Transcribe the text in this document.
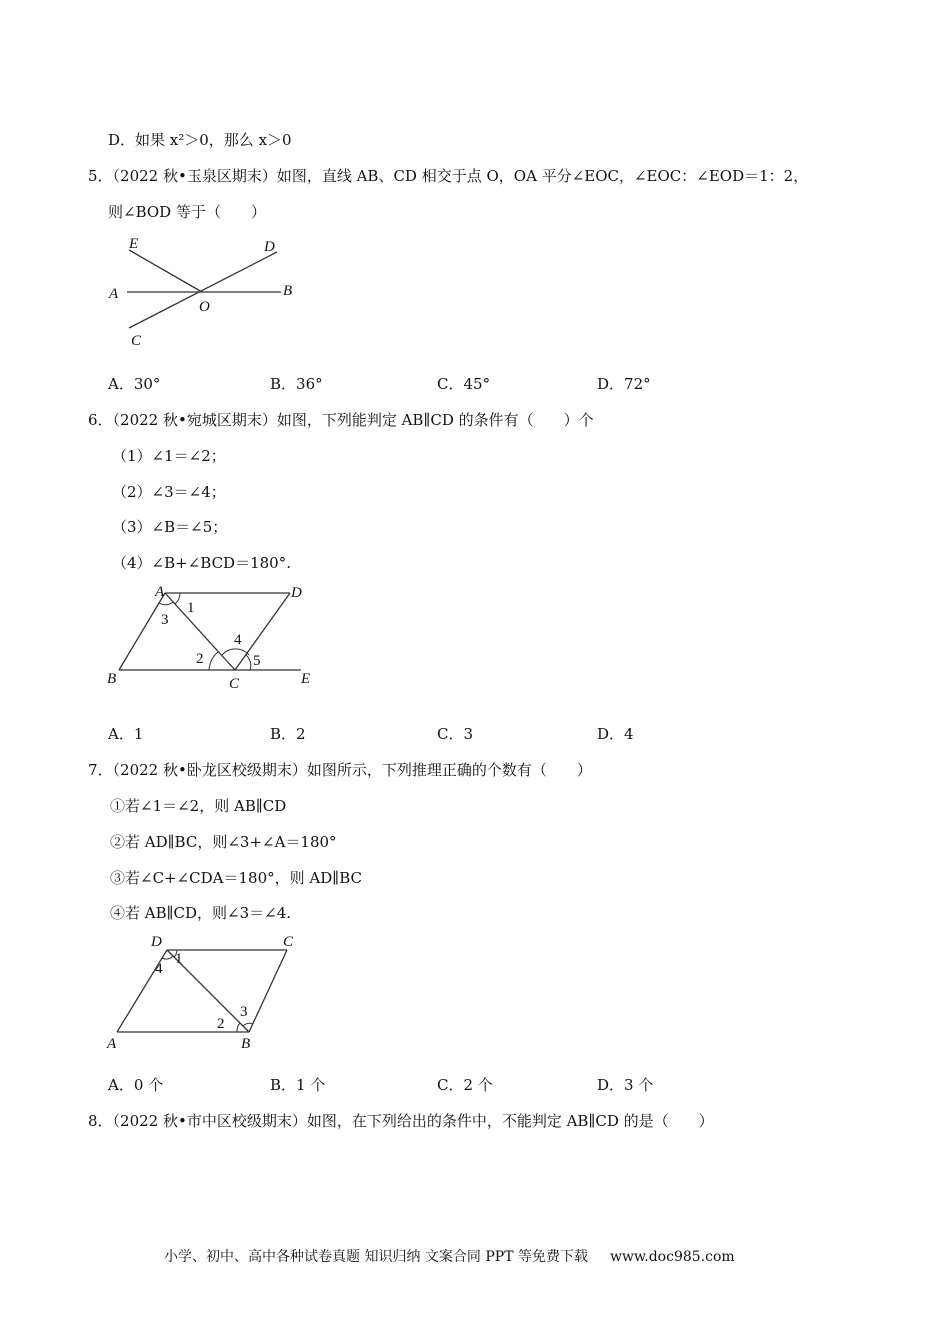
D．如果 x²＞0，那么 x＞0
5．（2022 秋•玉泉区期末）如图，直线 AB、CD 相交于点 O，OA 平分∠EOC，∠EOC：∠EOD＝1：2，
则∠BOD 等于（　　）
E	D
A	B
O
C
A．30°	B．36°	C．45°	D．72°
6．（2022 秋•宛城区期末）如图，下列能判定 AB∥CD 的条件有（　　）个
（1）∠1＝∠2；
（2）∠3＝∠4；
（3）∠B＝∠5；
（4）∠B+∠BCD＝180°.
A	D
B	C	E
1
3
2
4
5
A．1	B．2	C．3	D．4
7．（2022 秋•卧龙区校级期末）如图所示，下列推理正确的个数有（　　）
①若∠1＝∠2，则 AB∥CD
②若 AD∥BC，则∠3+∠A＝180°
③若∠C+∠CDA＝180°，则 AD∥BC
④若 AB∥CD，则∠3＝∠4.
D	C
A	B
1
4
2
3
A．0 个	B．1 个	C．2 个	D．3 个
8．（2022 秋•市中区校级期末）如图，在下列给出的条件中，不能判定 AB∥CD 的是（　　）
小学、初中、高中各种试卷真题 知识归纳 文案合同 PPT 等免费下载 www.doc985.com
